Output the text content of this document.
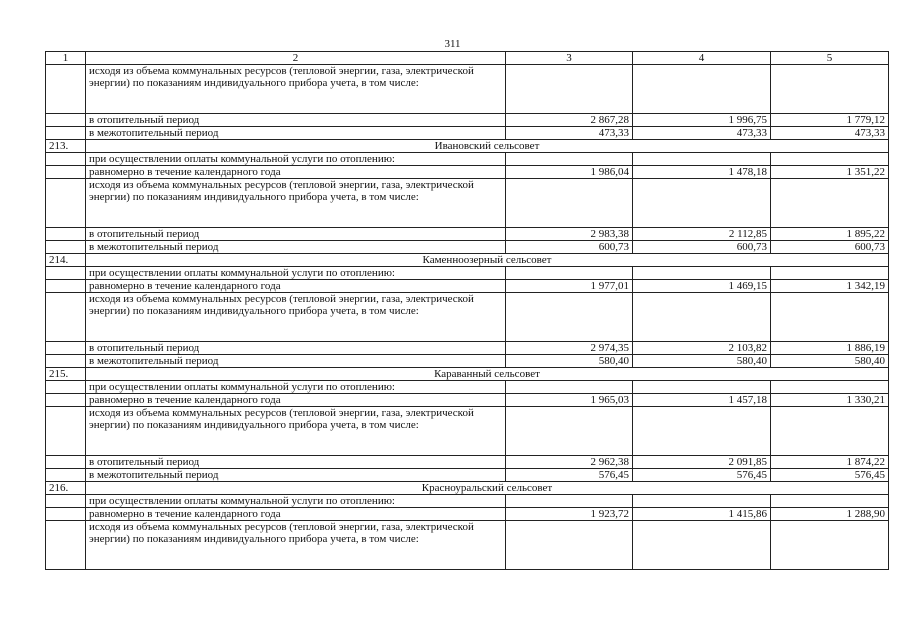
311
1	2	3	4	5
	исходя из объема коммунальных ресурсов (тепловой энергии, газа, электрической энергии) по показаниям индивидуального прибора учета, в том числе:			
	в отопительный период	2 867,28	1 996,75	1 779,12
	в межотопительный период	473,33	473,33	473,33
213.	Ивановский сельсовет			
	при осуществлении оплаты коммунальной услуги по отоплению:			
	равномерно в течение календарного года	1 986,04	1 478,18	1 351,22
	исходя из объема коммунальных ресурсов (тепловой энергии, газа, электрической энергии) по показаниям индивидуального прибора учета, в том числе:			
	в отопительный период	2 983,38	2 112,85	1 895,22
	в межотопительный период	600,73	600,73	600,73
214.	Каменноозерный сельсовет			
	при осуществлении оплаты коммунальной услуги по отоплению:			
	равномерно в течение календарного года	1 977,01	1 469,15	1 342,19
	исходя из объема коммунальных ресурсов (тепловой энергии, газа, электрической энергии) по показаниям индивидуального прибора учета, в том числе:			
	в отопительный период	2 974,35	2 103,82	1 886,19
	в межотопительный период	580,40	580,40	580,40
215.	Караванный сельсовет			
	при осуществлении оплаты коммунальной услуги по отоплению:			
	равномерно в течение календарного года	1 965,03	1 457,18	1 330,21
	исходя из объема коммунальных ресурсов (тепловой энергии, газа, электрической энергии) по показаниям индивидуального прибора учета, в том числе:			
	в отопительный период	2 962,38	2 091,85	1 874,22
	в межотопительный период	576,45	576,45	576,45
216.	Красноуральский сельсовет			
	при осуществлении оплаты коммунальной услуги по отоплению:			
	равномерно в течение календарного года	1 923,72	1 415,86	1 288,90
	исходя из объема коммунальных ресурсов (тепловой энергии, газа, электрической энергии) по показаниям индивидуального прибора учета, в том числе:			
